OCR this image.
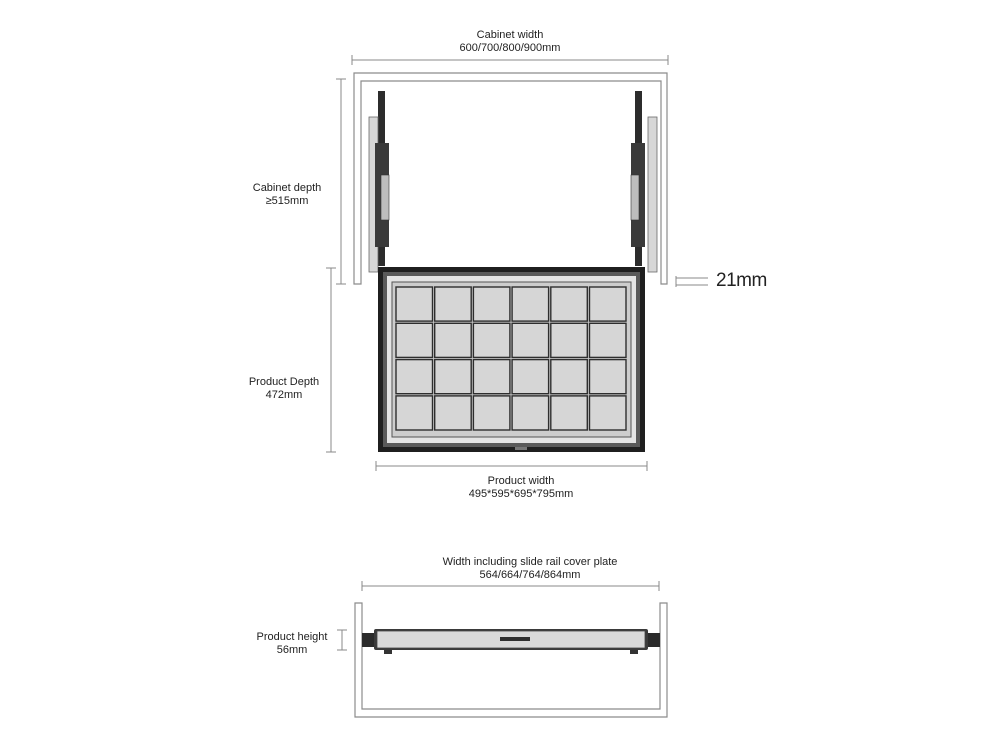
Cabinet width
600/700/800/900mm
Cabinet depth
≥515mm
21mm
Product Depth
472mm
Product width
495*595*695*795mm
Width including slide rail cover plate
564/664/764/864mm
Product height
56mm
